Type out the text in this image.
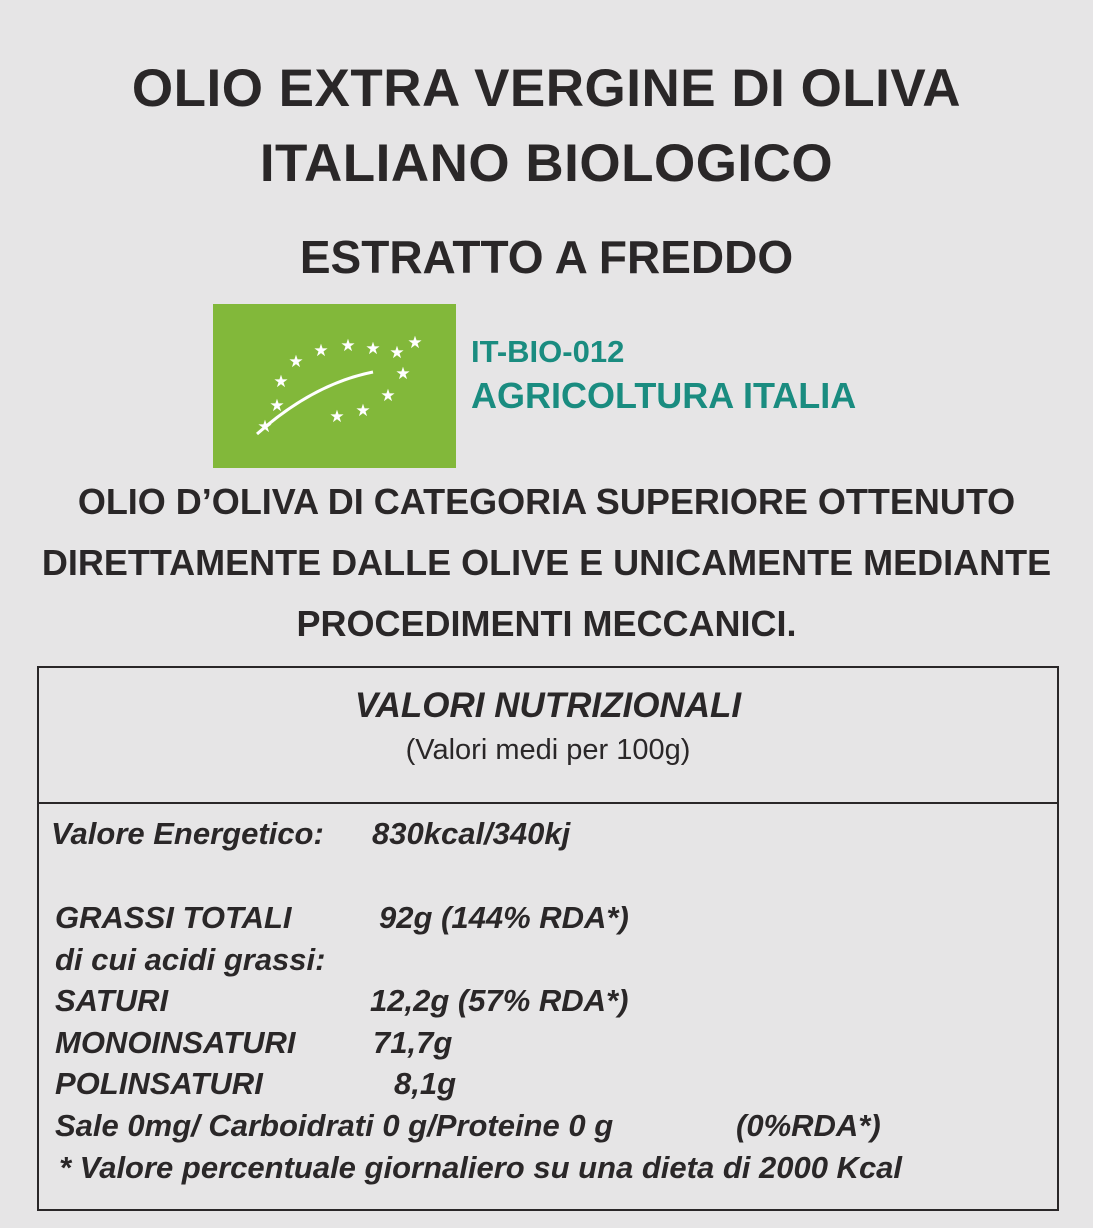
OLIO EXTRA VERGINE DI OLIVA
ITALIANO BIOLOGICO
ESTRATTO A FREDDO
★ ★ ★ ★ ★
★
★	★
★
★
★
★
★
IT-BIO-012
AGRICOLTURA ITALIA
OLIO D’OLIVA DI CATEGORIA SUPERIORE OTTENUTO
DIRETTAMENTE DALLE OLIVE E UNICAMENTE MEDIANTE
PROCEDIMENTI MECCANICI.
VALORI NUTRIZIONALI
(Valori medi per 100g)
Valore Energetico: 830kcal/340kj
GRASSI TOTALI	92g (144% RDA*)
di cui acidi grassi:
SATURI	12,2g (57% RDA*)
MONOINSATURI 71,7g
POLINSATURI	8,1g
Sale 0mg/ Carboidrati 0 g/Proteine 0 g	(0%RDA*)
* Valore percentuale giornaliero su una dieta di 2000 Kcal
